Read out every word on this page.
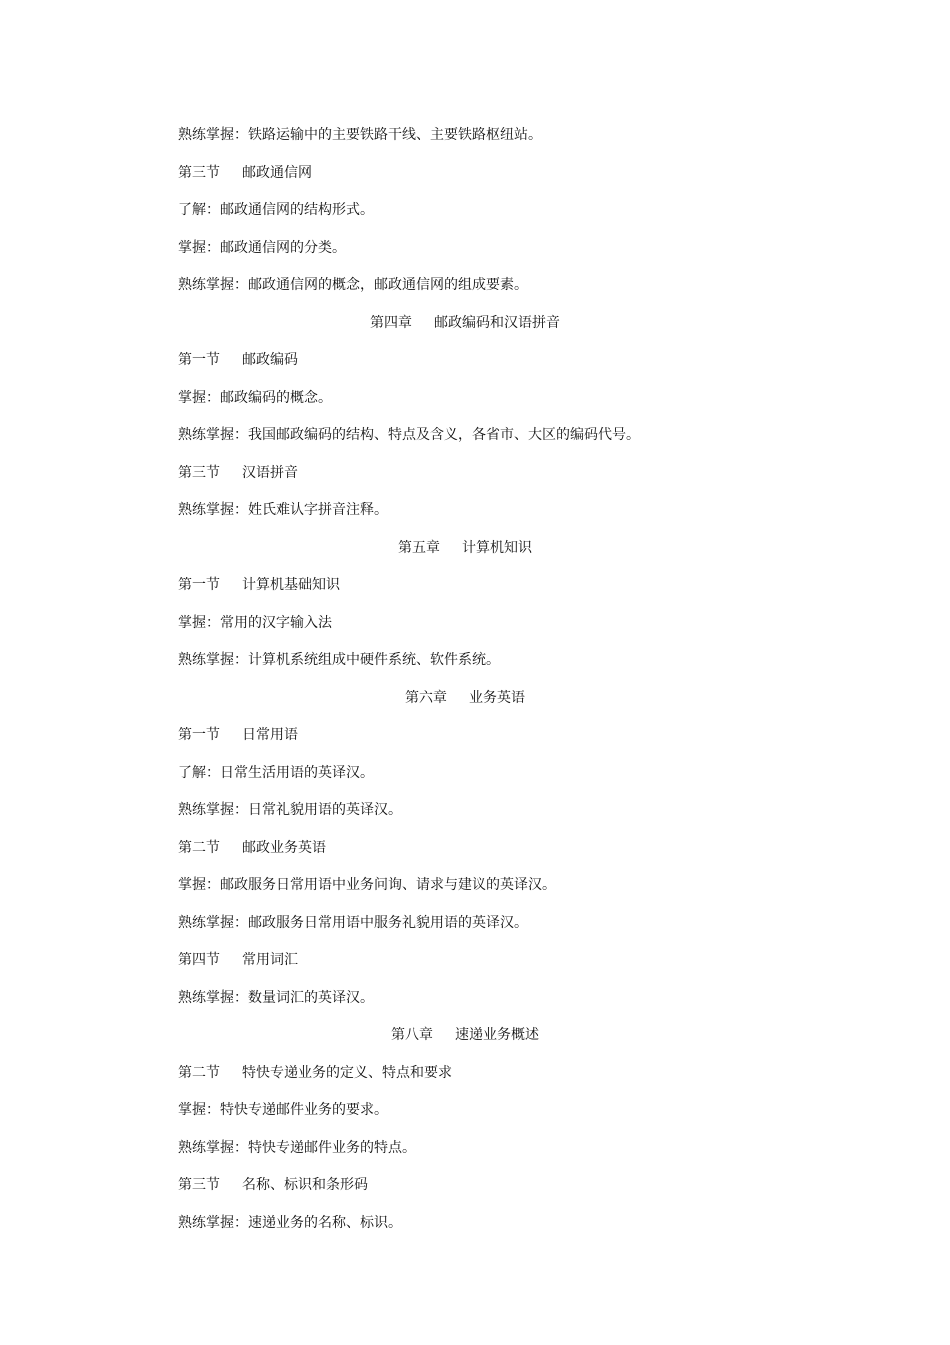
熟练掌握：铁路运输中的主要铁路干线、主要铁路枢纽站。
第三节 邮政通信网
了解：邮政通信网的结构形式。
掌握：邮政通信网的分类。
熟练掌握：邮政通信网的概念，邮政通信网的组成要素。
第四章 邮政编码和汉语拼音
第一节 邮政编码
掌握：邮政编码的概念。
熟练掌握：我国邮政编码的结构、特点及含义，各省市、大区的编码代号。
第三节 汉语拼音
熟练掌握：姓氏难认字拼音注释。
第五章 计算机知识
第一节 计算机基础知识
掌握：常用的汉字输入法
熟练掌握：计算机系统组成中硬件系统、软件系统。
第六章 业务英语
第一节 日常用语
了解：日常生活用语的英译汉。
熟练掌握：日常礼貌用语的英译汉。
第二节 邮政业务英语
掌握：邮政服务日常用语中业务问询、请求与建议的英译汉。
熟练掌握：邮政服务日常用语中服务礼貌用语的英译汉。
第四节 常用词汇
熟练掌握：数量词汇的英译汉。
第八章 速递业务概述
第二节 特快专递业务的定义、特点和要求
掌握：特快专递邮件业务的要求。
熟练掌握：特快专递邮件业务的特点。
第三节 名称、标识和条形码
熟练掌握：速递业务的名称、标识。
